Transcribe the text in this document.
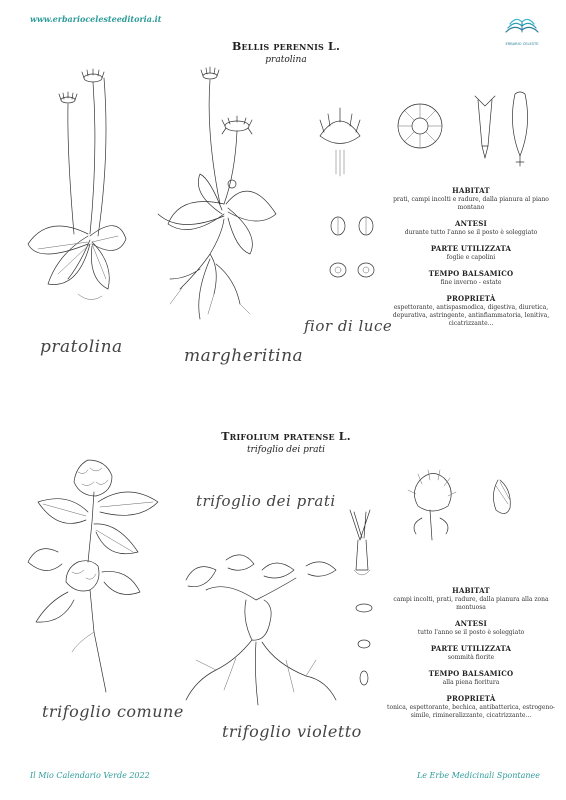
www.erbariocelesteeditoria.it
ERBARIO CELESTE
Bellis perennis L.
pratolina
pratolina	margheritina
fior di luce
HABITAT
prati, campi incolti e radure, dalla pianura al piano montano
ANTESI
durante tutto l'anno se il posto è soleggiato
PARTE UTILIZZATA
foglie e capolini
TEMPO BALSAMICO
fine inverno - estate
PROPRIETÀ
espettorante, antispasmodica, digestiva, diuretica, depurativa, astringente, antinfiammatoria, lenitiva, cicatrizzante...
Trifolium pratense L.
trifoglio dei prati
trifoglio dei prati
trifoglio comune
trifoglio violetto
HABITAT
campi incolti, prati, radure, dalla pianura alla zona montuosa
ANTESI
tutto l'anno se il posto è soleggiato
PARTE UTILIZZATA
sommità fiorite
TEMPO BALSAMICO
alla piena fioritura
PROPRIETÀ
tonica, espettorante, bechica, antibatterica, estrogeno-simile, rimineralizzante, cicatrizzante...
Il Mio Calendario Verde 2022	Le Erbe Medicinali Spontanee
